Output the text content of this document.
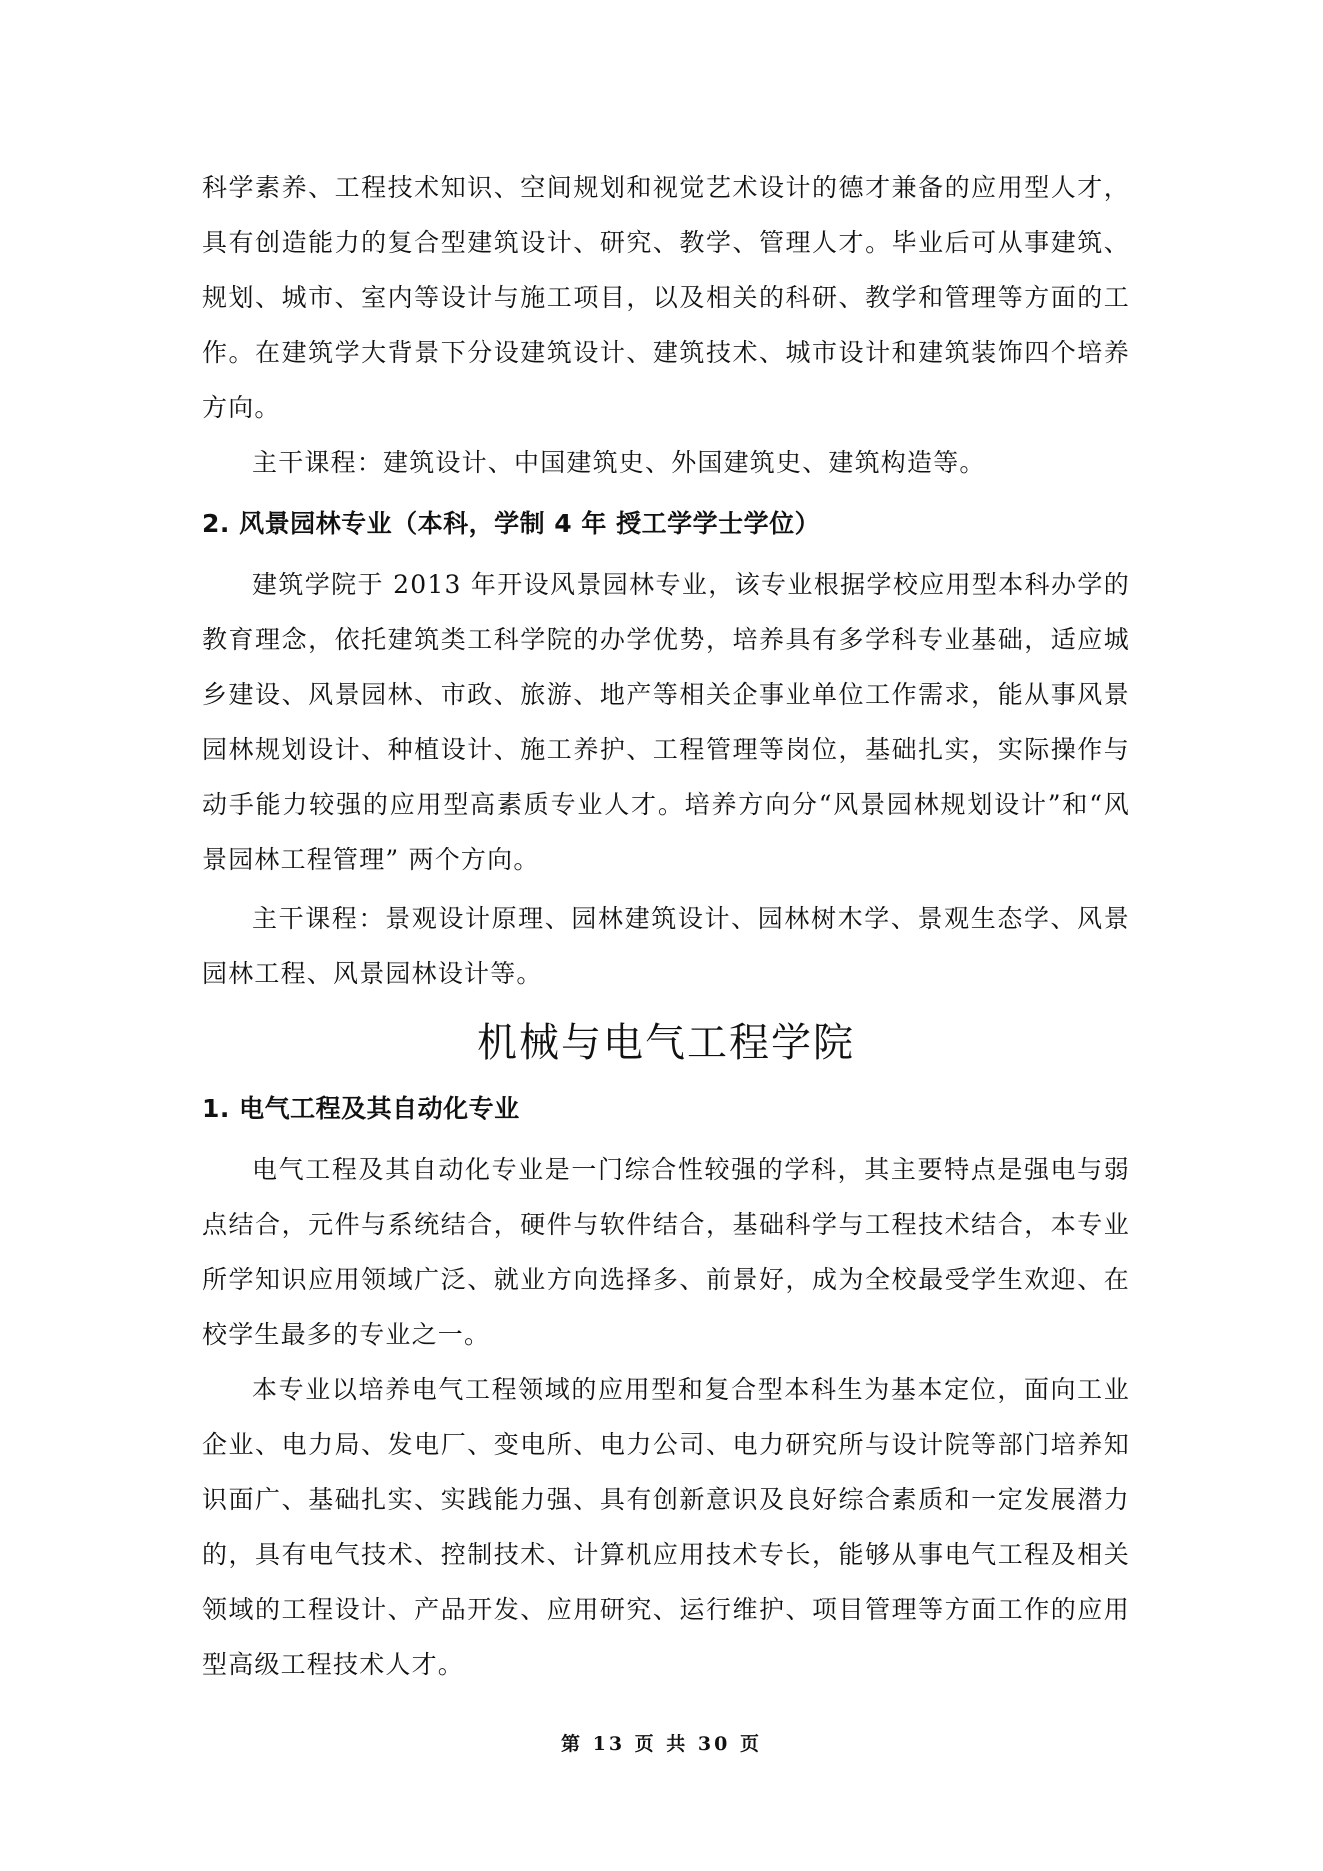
科学素养、工程技术知识、空间规划和视觉艺术设计的德才兼备的应用型人才，具有创造能力的复合型建筑设计、研究、教学、管理人才。毕业后可从事建筑、规划、城市、室内等设计与施工项目，以及相关的科研、教学和管理等方面的工作。在建筑学大背景下分设建筑设计、建筑技术、城市设计和建筑装饰四个培养方向。

主干课程：建筑设计、中国建筑史、外国建筑史、建筑构造等。

2. 风景园林专业（本科，学制 4 年 授工学学士学位）

建筑学院于 2013 年开设风景园林专业，该专业根据学校应用型本科办学的教育理念，依托建筑类工科学院的办学优势，培养具有多学科专业基础，适应城乡建设、风景园林、市政、旅游、地产等相关企事业单位工作需求，能从事风景园林规划设计、种植设计、施工养护、工程管理等岗位，基础扎实，实际操作与动手能力较强的应用型高素质专业人才。培养方向分“风景园林规划设计”和“风景园林工程管理” 两个方向。

主干课程：景观设计原理、园林建筑设计、园林树木学、景观生态学、风景园林工程、风景园林设计等。

机械与电气工程学院
1. 电气工程及其自动化专业

电气工程及其自动化专业是一门综合性较强的学科，其主要特点是强电与弱点结合，元件与系统结合，硬件与软件结合，基础科学与工程技术结合，本专业所学知识应用领域广泛、就业方向选择多、前景好，成为全校最受学生欢迎、在校学生最多的专业之一。

本专业以培养电气工程领域的应用型和复合型本科生为基本定位，面向工业企业、电力局、发电厂、变电所、电力公司、电力研究所与设计院等部门培养知识面广、基础扎实、实践能力强、具有创新意识及良好综合素质和一定发展潜力的，具有电气技术、控制技术、计算机应用技术专长，能够从事电气工程及相关领域的工程设计、产品开发、应用研究、运行维护、项目管理等方面工作的应用型高级工程技术人才。

第 13 页 共 30 页
